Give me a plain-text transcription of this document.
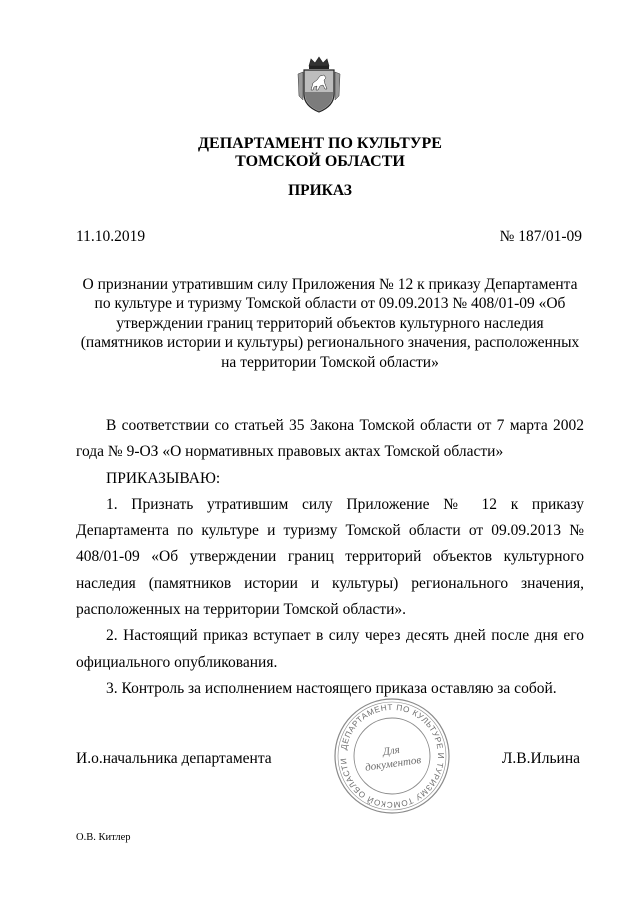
ДЕПАРТАМЕНТ ПО КУЛЬТУРЕ
ТОМСКОЙ ОБЛАСТИ
ПРИКАЗ
11.10.2019	№ 187/01-09
О признании утратившим силу Приложения № 12 к приказу Департамента по культуре и туризму Томской области от 09.09.2013 № 408/01-09 «Об утверждении границ территорий объектов культурного наследия (памятников истории и культуры) регионального значения, расположенных на территории Томской области»

В соответствии со статьей 35 Закона Томской области от 7 марта 2002 года № 9-ОЗ «О нормативных правовых актах Томской области»

ПРИКАЗЫВАЮ:

1. Признать утратившим силу Приложение № 12 к приказу Департамента по культуре и туризму Томской области от 09.09.2013 № 408/01-09 «Об утверждении границ территорий объектов культурного наследия (памятников истории и культуры) регионального значения, расположенных на территории Томской области».

2. Настоящий приказ вступает в силу через десять дней после дня его официального опубликования.

3. Контроль за исполнением настоящего приказа оставляю за собой.

И.о.начальника департамента	Л.В.Ильина
ДЕПАРТАМЕНТ ПО КУЛЬТУРЕ И ТУРИЗМУ ТОМСКОЙ ОБЛАСТИ
Для
документов
О.В. Китлер
